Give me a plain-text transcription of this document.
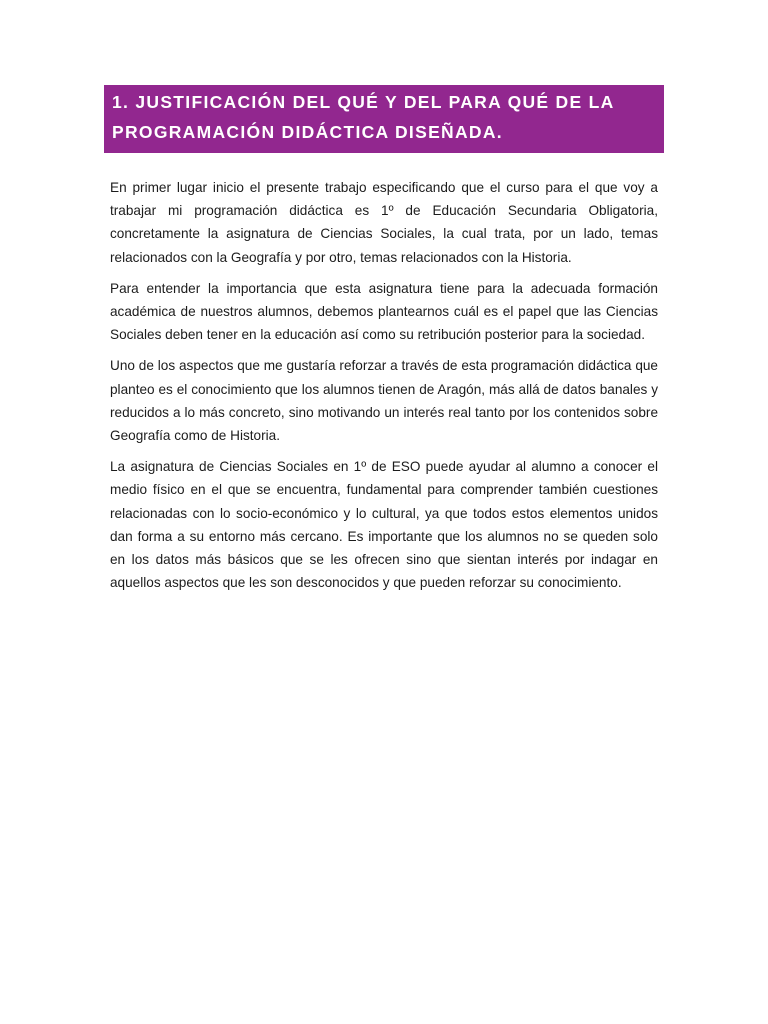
1. JUSTIFICACIÓN DEL QUÉ Y DEL PARA QUÉ DE LA PROGRAMACIÓN DIDÁCTICA DISEÑADA.

En primer lugar inicio el presente trabajo especificando que el curso para el que voy a trabajar mi programación didáctica es 1º de Educación Secundaria Obligatoria, concretamente la asignatura de Ciencias Sociales, la cual trata, por un lado, temas relacionados con la Geografía y por otro, temas relacionados con la Historia.

Para entender la importancia que esta asignatura tiene para la adecuada formación académica de nuestros alumnos, debemos plantearnos cuál es el papel que las Ciencias Sociales deben tener en la educación así como su retribución posterior para la sociedad.

Uno de los aspectos que me gustaría reforzar a través de esta programación didáctica que planteo es el conocimiento que los alumnos tienen de Aragón, más allá de datos banales y reducidos a lo más concreto, sino motivando un interés real tanto por los contenidos sobre Geografía como de Historia.

La asignatura de Ciencias Sociales en 1º de ESO puede ayudar al alumno a conocer el medio físico en el que se encuentra, fundamental para comprender también cuestiones relacionadas con lo socio-económico y lo cultural, ya que todos estos elementos unidos dan forma a su entorno más cercano. Es importante que los alumnos no se queden solo en los datos más básicos que se les ofrecen sino que sientan interés por indagar en aquellos aspectos que les son desconocidos y que pueden reforzar su conocimiento.
